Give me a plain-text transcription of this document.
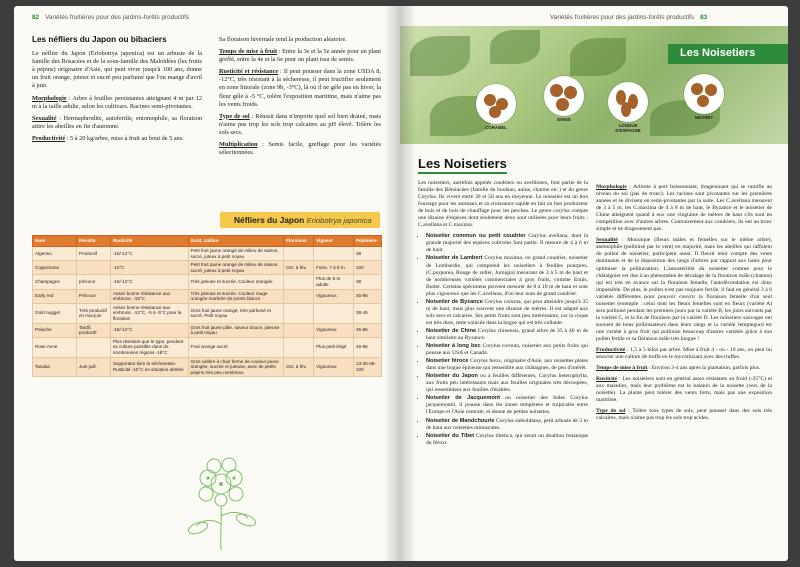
82 Variétés fruitières pour des jardins-forêts productifs
Les néfliers du Japon ou bibaciers

Le néflier du Japon (Eriobotrya japonica) est un arbuste de la famille des Rosacées et de la sous-famille des Maloïdées (les fruits à pépins) originaire d'Asie, qui peut vivre jusqu'à 100 ans, donne un fruit orange, juteux et sucré peu parfumé que l'on mange d'avril à juin.

Morphologie : Arbre à feuilles persistantes atteignant 4 m par 12 m à la taille adulte, selon les cultivars. Racines semi-pivotantes.

Sexualité : Hermaphrodite, autofertile, entomophile, sa floraison attire les abeilles en fin d'automne.

Productivité : 5 à 20 kg/arbre, mise à fruit au bout de 5 ans.

Sa floraison hivernale rend la production aléatoire.

Temps de mise à fruit : Entre la 3e et la 5e année pour un plant greffé, entre la 4e et la 6e pour un plant issu de semis.

Rusticité et résistance : Il peut pousser dans la zone USDA 8, -12°C, très résistant à la sécheresse, il peut fructifier seulement en zone littorale (zone 9b, -3°C), là où il ne gèle pas en hiver, la fleur gèle à -5 °C, tolère l'exposition maritime, mais n'aime pas les vents froids.

Type de sol : Réussit dans n'importe quel sol bien drainé, mais n'aime pas trop les sols trop calcaires au pH élevé. Tolère les sols secs.

Multiplication : Semis facile, greffage pour les variétés sélectionnées.

Néfliers du Japon Eriobotrya japonica
Nom	Récolte	Rusticité	Goût, calibre	Floraison	Vigueur	Pépinière
Algerino	Productif	-10/-12°C	Petit fruit jaune orangé de milieu de saison, sucré, juteux à petit noyau			38
Coppertone		-10°C	Petit fruit jaune orangé de milieu de saison, sucré, juteux à petit noyau	Oct. à fév.	Forte, 7 à 8 m	100
Champagne	précoce	-10/-12°C	Très juteuse et sucrée. Couleur orangée		Plus de 5 m adulte	38
Early red	Précoce	Assez bonne résistance aux embruns. -15°C	Très juteuse et sucrée. Couleur rouge orangée marbrée de points blancs		Vigoureux	45-86
Gold nugget	Très productif en mai-juin	Assez bonne résistance aux embruns. -12°C, -5 à -5°C pour la floraison	Gros fruit jaune orangé, très parfumé et sucré. Petit noyau			38-45
Peluche	Tardif, productif	-10/-12°C	Gros fruit jaune pâle, saveur douce, juteuse à petit noyau		Vigoureux	45-86
Rose Anne		Plus résistant que le type, pendant sa culture possible dans de nombreuses régions -18°C	Fruit orange sucré		Plus petit érigé	45-86
Tanaka	Juin-juill.	Supportant bien la sécheresse. Rusticité -10°C en situation abritée	Gros calibre à chair ferme de couleur jaune orangée, sucrée et juteuse, avec de petits pépins très peu nombreux	Oct. à fév.	Vigoureux	13-30-38-100
Variétés fruitières pour des jardins-forêts productifs 83
CORABEL
ENNIS
LONGUE D'ESPAGNE
NEGRET
Les Noisetiers
Les Noisetiers

Les noisetiers, autrefois appelés coudriers ou avelliniers, font partie de la famille des Bétulacées (famille du bouleau, aulne, charme etc.) et du genre Corylus. Ils vivent entre 30 et 50 ans en moyenne. Le noisetier est un bon fourrage pour les animaux et sa croissance rapide en fait un bon producteur de bois et de bois de chauffage pour les perches. Le genre corylus compte une dizaine d'espèces dont seulement deux sont utilisées pour leurs fruits : C.avellana et C.maxima.

• Noisetier commun ou petit coudrier Corylus avellana, dont la grande majorité des espèces cultivées font partie. Il mesure de 4 à 6 m de haut.
• Noisetier de Lambert Corylus maxima, ou grand coudrier, noisetier de Lombardie, qui comprend les noisetiers à feuilles pourpres, (C.purpurea, Rouge de zeller, Jurnigia) mesurant de 3 à 5 m de haut et de nombreuses variétés commerciales à gros fruits, comme Ennis, Butler. Certains spécimens peuvent mesurer de 8 à 10 m de haut et sont plus vigoureux que les C.avellana, d'où leur nom de grand coudrier.
• Noisetier de Byzance Corylus colurna, qui peut atteindre jusqu'à 35 m de haut, mais plus souvent une dizaine de mètres. Il est adapté aux sols secs et calcaires. Ses petits fruits sont peu intéressants, car la coque est très dure, reste coincée dans la bogue qui est très collante.
• Noisetier de Chine Corylus chinensis, grand arbre de 35 à 40 m de haut similaire au Byzance.
• Noisetier à long bec Corylus cornuta, noisetier aux petits fruits qui pousse aux USA et Canada.
• Noisetier féroce Corylus ferox, originaire d'Asie, aux noisettes plates dans une bogue épineuse qui ressemble aux châtaignes, de peu d'intérêt.
• Noisetier du Japon ou à feuilles différentes, Corylus heterophylla, aux fruits peu intéressants mais aux feuilles originales très découpées, qui ressemblent aux feuilles d'érables.
• Noisetier de Jacquemont ou noisetier des Indes Corylus jacquemontii, il pousse dans les zones tempérées et tropicales entre l'Europe et l'Asie centrale, et donne de petites noisettes.
• Noisetier de Mandchourie Corylus sieboldiana, petit arbuste de 3 m de haut aux noisettes minuscules.
• Noisetier du Tibet Corylus tibetica, qui serait un doublon botanique du féroxr.

Morphologie : Arbuste à port buissonnant, drageonnant qui se ramifie au niveau du sol (pas de tronc). Les racines sont pivotantes sur les premières années et se divisent en semi-pivotantes par la suite. Les C.avellana mesurent de 3 à 5 m, les C.maxima de 4 à 8 m de haut, le Byzance et le noisetier de Chine atteignent quand à eux une vingtaine de mètres de haut s'ils sont en compétition avec d'autres arbres. Contrairement aux coudriers, ils ont un tronc simple et ne drageonnent pas.

Sexualité : Monoïque (fleurs mâles et femelles sur le même arbre), anémophile (pollinisé par le vent) en majorité, mais les abeilles qui raffolent du pollen de noisetier, participent aussi. Il fleurit tenir compte des vents dominants et de la disposition des rangs d'arbres par rapport aux haies pour optimiser la pollinisation. L'autostérilité du noisetier comme pour le châtaignier est due à un phénomène de décalage de la floraison mâle (chatons) qui est très en avance sur la floraison femelle, l'autofécondation est donc impossible. De plus, le pollen n'est pas toujours fertile, il faut en général 3 à 6 variétés différentes pour pouvoir couvrir la floraison femelle d'un seul noisetier (exemple : celui dont les fleurs femelles sont en fleurs (variété A) sera pollinisé pendant les premiers jours par la variété B, les jours suivants par la variété C, et la fin de floraison par la variété D. Les noisetiers sauvages ont souvent de bons pollinisateurs dans leurs rangs et la variété Jemptegurd est une variété à gros fruit qui pollinise beaucoup d'autres variétés grâce à son pollen fertile et sa floraison mâle très longue !

Productivité : 1,5 à 5 kilos par arbre. Mise à fruit 4 - ou - 10 ans, on peut lui associer une culture de truffe en le mycorhizant avec des truffes.

Temps de mise à fruit : Environ 3-4 ans après la plantation, parfois plus.

Rusticité : Les noisetiers sont en général assez résistants au froid (-25°C) et aux maladies, mais leur problème est le balanin de la noisette (vers de la noisette). La plante peut tolérer des vents forts, mais pas une exposition maritime.

Type de sol : Tolère tous types de sols, peut pousser dans des sols très calcaires, mais n'aime pas trop les sols trop acides.
